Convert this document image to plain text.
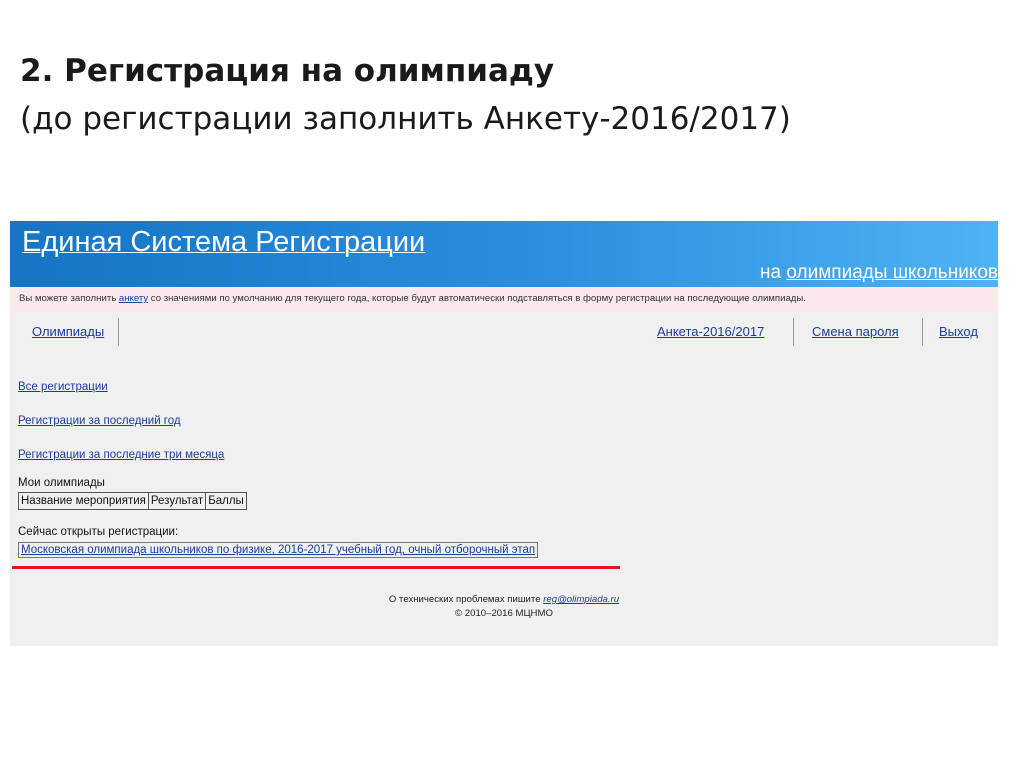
2. Регистрация на олимпиаду

(до регистрации заполнить Анкету-2016/2017)

Единая Система Регистрации
на олимпиады школьников
Вы можете заполнить анкету со значениями по умолчанию для текущего года, которые будут автоматически подставляться в форму регистрации на последующие олимпиады.
Олимпиады	Анкета-2016/2017	Смена пароля	Выход
Все регистрации
Регистрации за последний год
Регистрации за последние три месяца
Мои олимпиады
Название мероприятия	Результат	Баллы
Сейчас открыты регистрации:
Московская олимпиада школьников по физике, 2016-2017 учебный год, очный отборочный этап
О технических проблемах пишите reg@olimpiada.ru
© 2010–2016 МЦНМО
